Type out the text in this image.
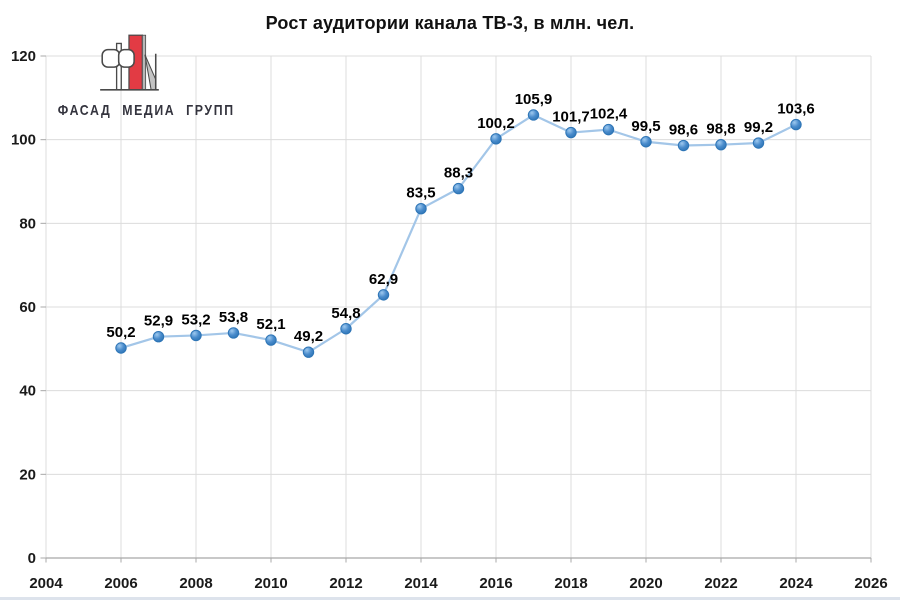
2004	2006	2008	2010	2012	2014	2016	2018	2020	2022	2024	2026
0
20
40
60
80
100
120
50,2
52,9 53,2 53,8 52,1
49,2
54,8
62,9
83,5
88,3
100,2
105,9
101,7 102,4
99,5 98,6 98,8 99,2
103,6
Рост аудитории канала ТВ-3, в млн. чел.
ФАСАД МЕДИА ГРУПП
